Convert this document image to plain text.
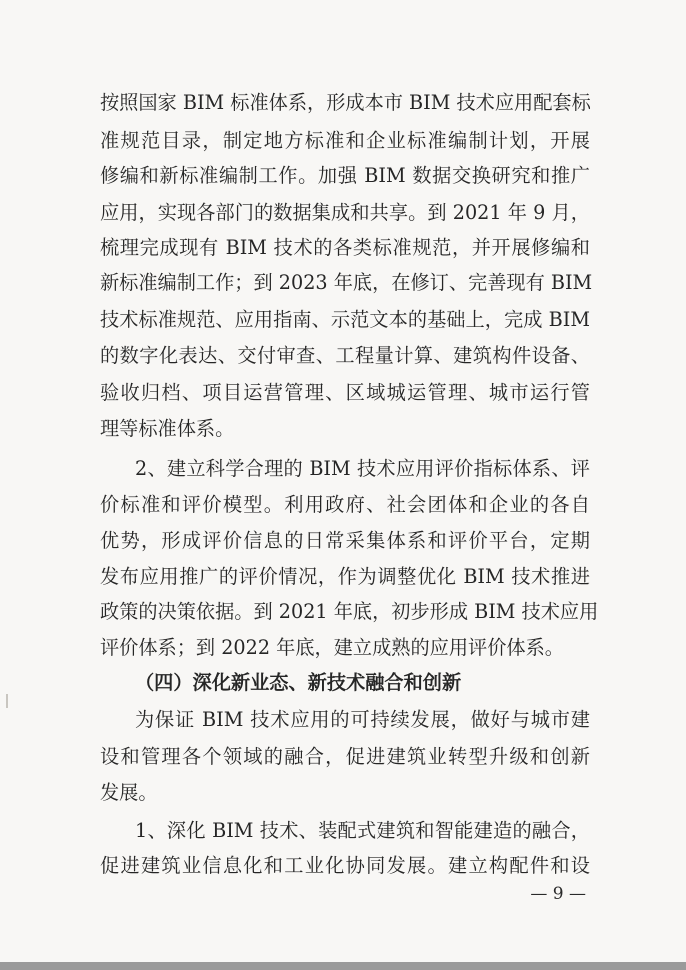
按照国家 BIM 标准体系，形成本市 BIM 技术应用配套标
准规范目录，制定地方标准和企业标准编制计划，开展
修编和新标准编制工作。加强 BIM 数据交换研究和推广
应用，实现各部门的数据集成和共享。到 2021 年 9 月，
梳理完成现有 BIM 技术的各类标准规范，并开展修编和
新标准编制工作；到 2023 年底，在修订、完善现有 BIM
技术标准规范、应用指南、示范文本的基础上，完成 BIM
的数字化表达、交付审查、工程量计算、建筑构件设备、
验收归档、项目运营管理、区域城运管理、城市运行管
理等标准体系。
2、建立科学合理的 BIM 技术应用评价指标体系、评
价标准和评价模型。利用政府、社会团体和企业的各自
优势，形成评价信息的日常采集体系和评价平台，定期
发布应用推广的评价情况，作为调整优化 BIM 技术推进
政策的决策依据。到 2021 年底，初步形成 BIM 技术应用
评价体系；到 2022 年底，建立成熟的应用评价体系。
（四）深化新业态、新技术融合和创新
为保证 BIM 技术应用的可持续发展，做好与城市建
设和管理各个领域的融合，促进建筑业转型升级和创新
发展。
1、深化 BIM 技术、装配式建筑和智能建造的融合，
促进建筑业信息化和工业化协同发展。建立构配件和设
— 9 —
